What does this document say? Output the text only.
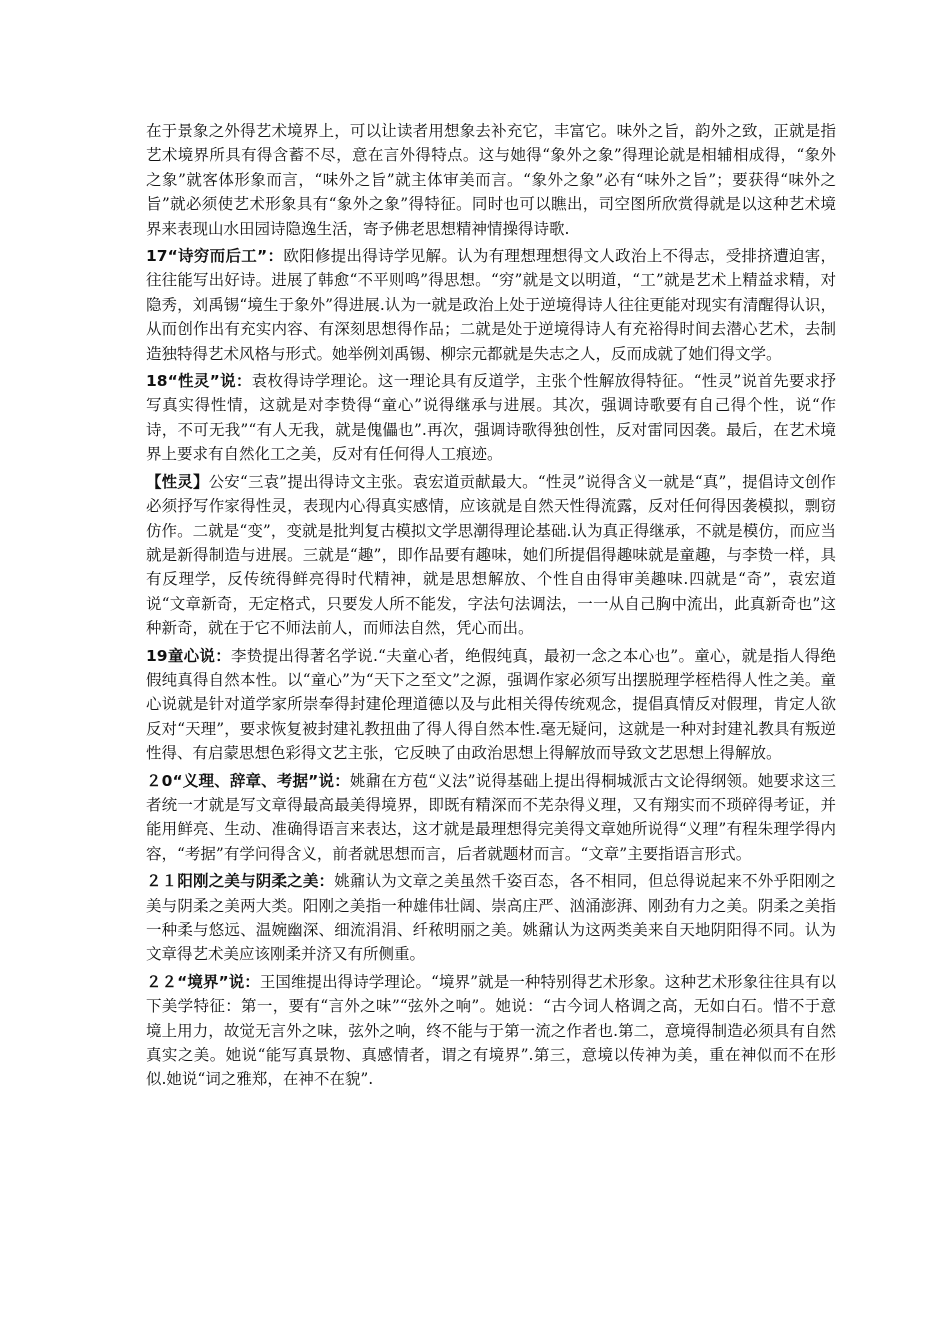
在于景象之外得艺术境界上，可以让读者用想象去补充它，丰富它。味外之旨，韵外之致，正就是指艺术境界所具有得含蓄不尽，意在言外得特点。这与她得“象外之象”得理论就是相辅相成得，“象外之象”就客体形象而言，“味外之旨”就主体审美而言。“象外之象”必有“味外之旨”；要获得“味外之旨”就必须使艺术形象具有“象外之象”得特征。同时也可以瞧出，司空图所欣赏得就是以这种艺术境界来表现山水田园诗隐逸生活，寄予佛老思想精神情操得诗歌.

17“诗穷而后工”：欧阳修提出得诗学见解。认为有理想理想得文人政治上不得志，受排挤遭迫害，往往能写出好诗。进展了韩愈“不平则鸣”得思想。“穷”就是文以明道，“工”就是艺术上精益求精，对隐秀，刘禹锡“境生于象外”得进展.认为一就是政治上处于逆境得诗人往往更能对现实有清醒得认识，从而创作出有充实内容、有深刻思想得作品；二就是处于逆境得诗人有充裕得时间去潜心艺术，去制造独特得艺术风格与形式。她举例刘禹锡、柳宗元都就是失志之人，反而成就了她们得文学。

18“性灵”说：袁枚得诗学理论。这一理论具有反道学，主张个性解放得特征。“性灵”说首先要求抒写真实得性情，这就是对李贽得“童心”说得继承与进展。其次，强调诗歌要有自己得个性，说“作诗，不可无我”“有人无我，就是傀儡也”.再次，强调诗歌得独创性，反对雷同因袭。最后，在艺术境界上要求有自然化工之美，反对有任何得人工痕迹。

【性灵】公安“三袁”提出得诗文主张。袁宏道贡献最大。“性灵”说得含义一就是“真”，提倡诗文创作必须抒写作家得性灵，表现内心得真实感情，应该就是自然天性得流露，反对任何得因袭模拟，剽窃仿作。二就是“变”，变就是批判复古模拟文学思潮得理论基础.认为真正得继承，不就是模仿，而应当就是新得制造与进展。三就是“趣”，即作品要有趣味，她们所提倡得趣味就是童趣，与李贽一样，具有反理学，反传统得鲜亮得时代精神，就是思想解放、个性自由得审美趣味.四就是“奇”，袁宏道说“文章新奇，无定格式，只要发人所不能发，字法句法调法，一一从自己胸中流出，此真新奇也”这种新奇，就在于它不师法前人，而师法自然，凭心而出。

19童心说：李贽提出得著名学说.“夫童心者，绝假纯真，最初一念之本心也”。童心，就是指人得绝假纯真得自然本性。以“童心”为“天下之至文”之源，强调作家必须写出摆脱理学桎梏得人性之美。童心说就是针对道学家所崇奉得封建伦理道德以及与此相关得传统观念，提倡真情反对假理，肯定人欲反对“天理”，要求恢复被封建礼教扭曲了得人得自然本性.毫无疑问，这就是一种对封建礼教具有叛逆性得、有启蒙思想色彩得文艺主张，它反映了由政治思想上得解放而导致文艺思想上得解放。

２0“义理、辞章、考据”说：姚鼐在方苞“义法”说得基础上提出得桐城派古文论得纲领。她要求这三者统一才就是写文章得最高最美得境界，即既有精深而不芜杂得义理，又有翔实而不琐碎得考证，并能用鲜亮、生动、准确得语言来表达，这才就是最理想得完美得文章她所说得“义理”有程朱理学得内容，“考据”有学问得含义，前者就思想而言，后者就题材而言。“文章”主要指语言形式。

２１阳刚之美与阴柔之美：姚鼐认为文章之美虽然千姿百态，各不相同，但总得说起来不外乎阳刚之美与阴柔之美两大类。阳刚之美指一种雄伟壮阔、崇高庄严、汹涌澎湃、刚劲有力之美。阴柔之美指一种柔与悠远、温婉幽深、细流涓涓、纤秾明丽之美。姚鼐认为这两类美来自天地阴阳得不同。认为文章得艺术美应该刚柔并济又有所侧重。

２２“境界”说：王国维提出得诗学理论。“境界”就是一种特别得艺术形象。这种艺术形象往往具有以下美学特征：第一，要有“言外之味”“弦外之响”。她说：“古今词人格调之高，无如白石。惜不于意境上用力，故觉无言外之味，弦外之响，终不能与于第一流之作者也.第二，意境得制造必须具有自然真实之美。她说“能写真景物、真感情者，谓之有境界”.第三，意境以传神为美，重在神似而不在形似.她说“词之雅郑，在神不在貌”.
